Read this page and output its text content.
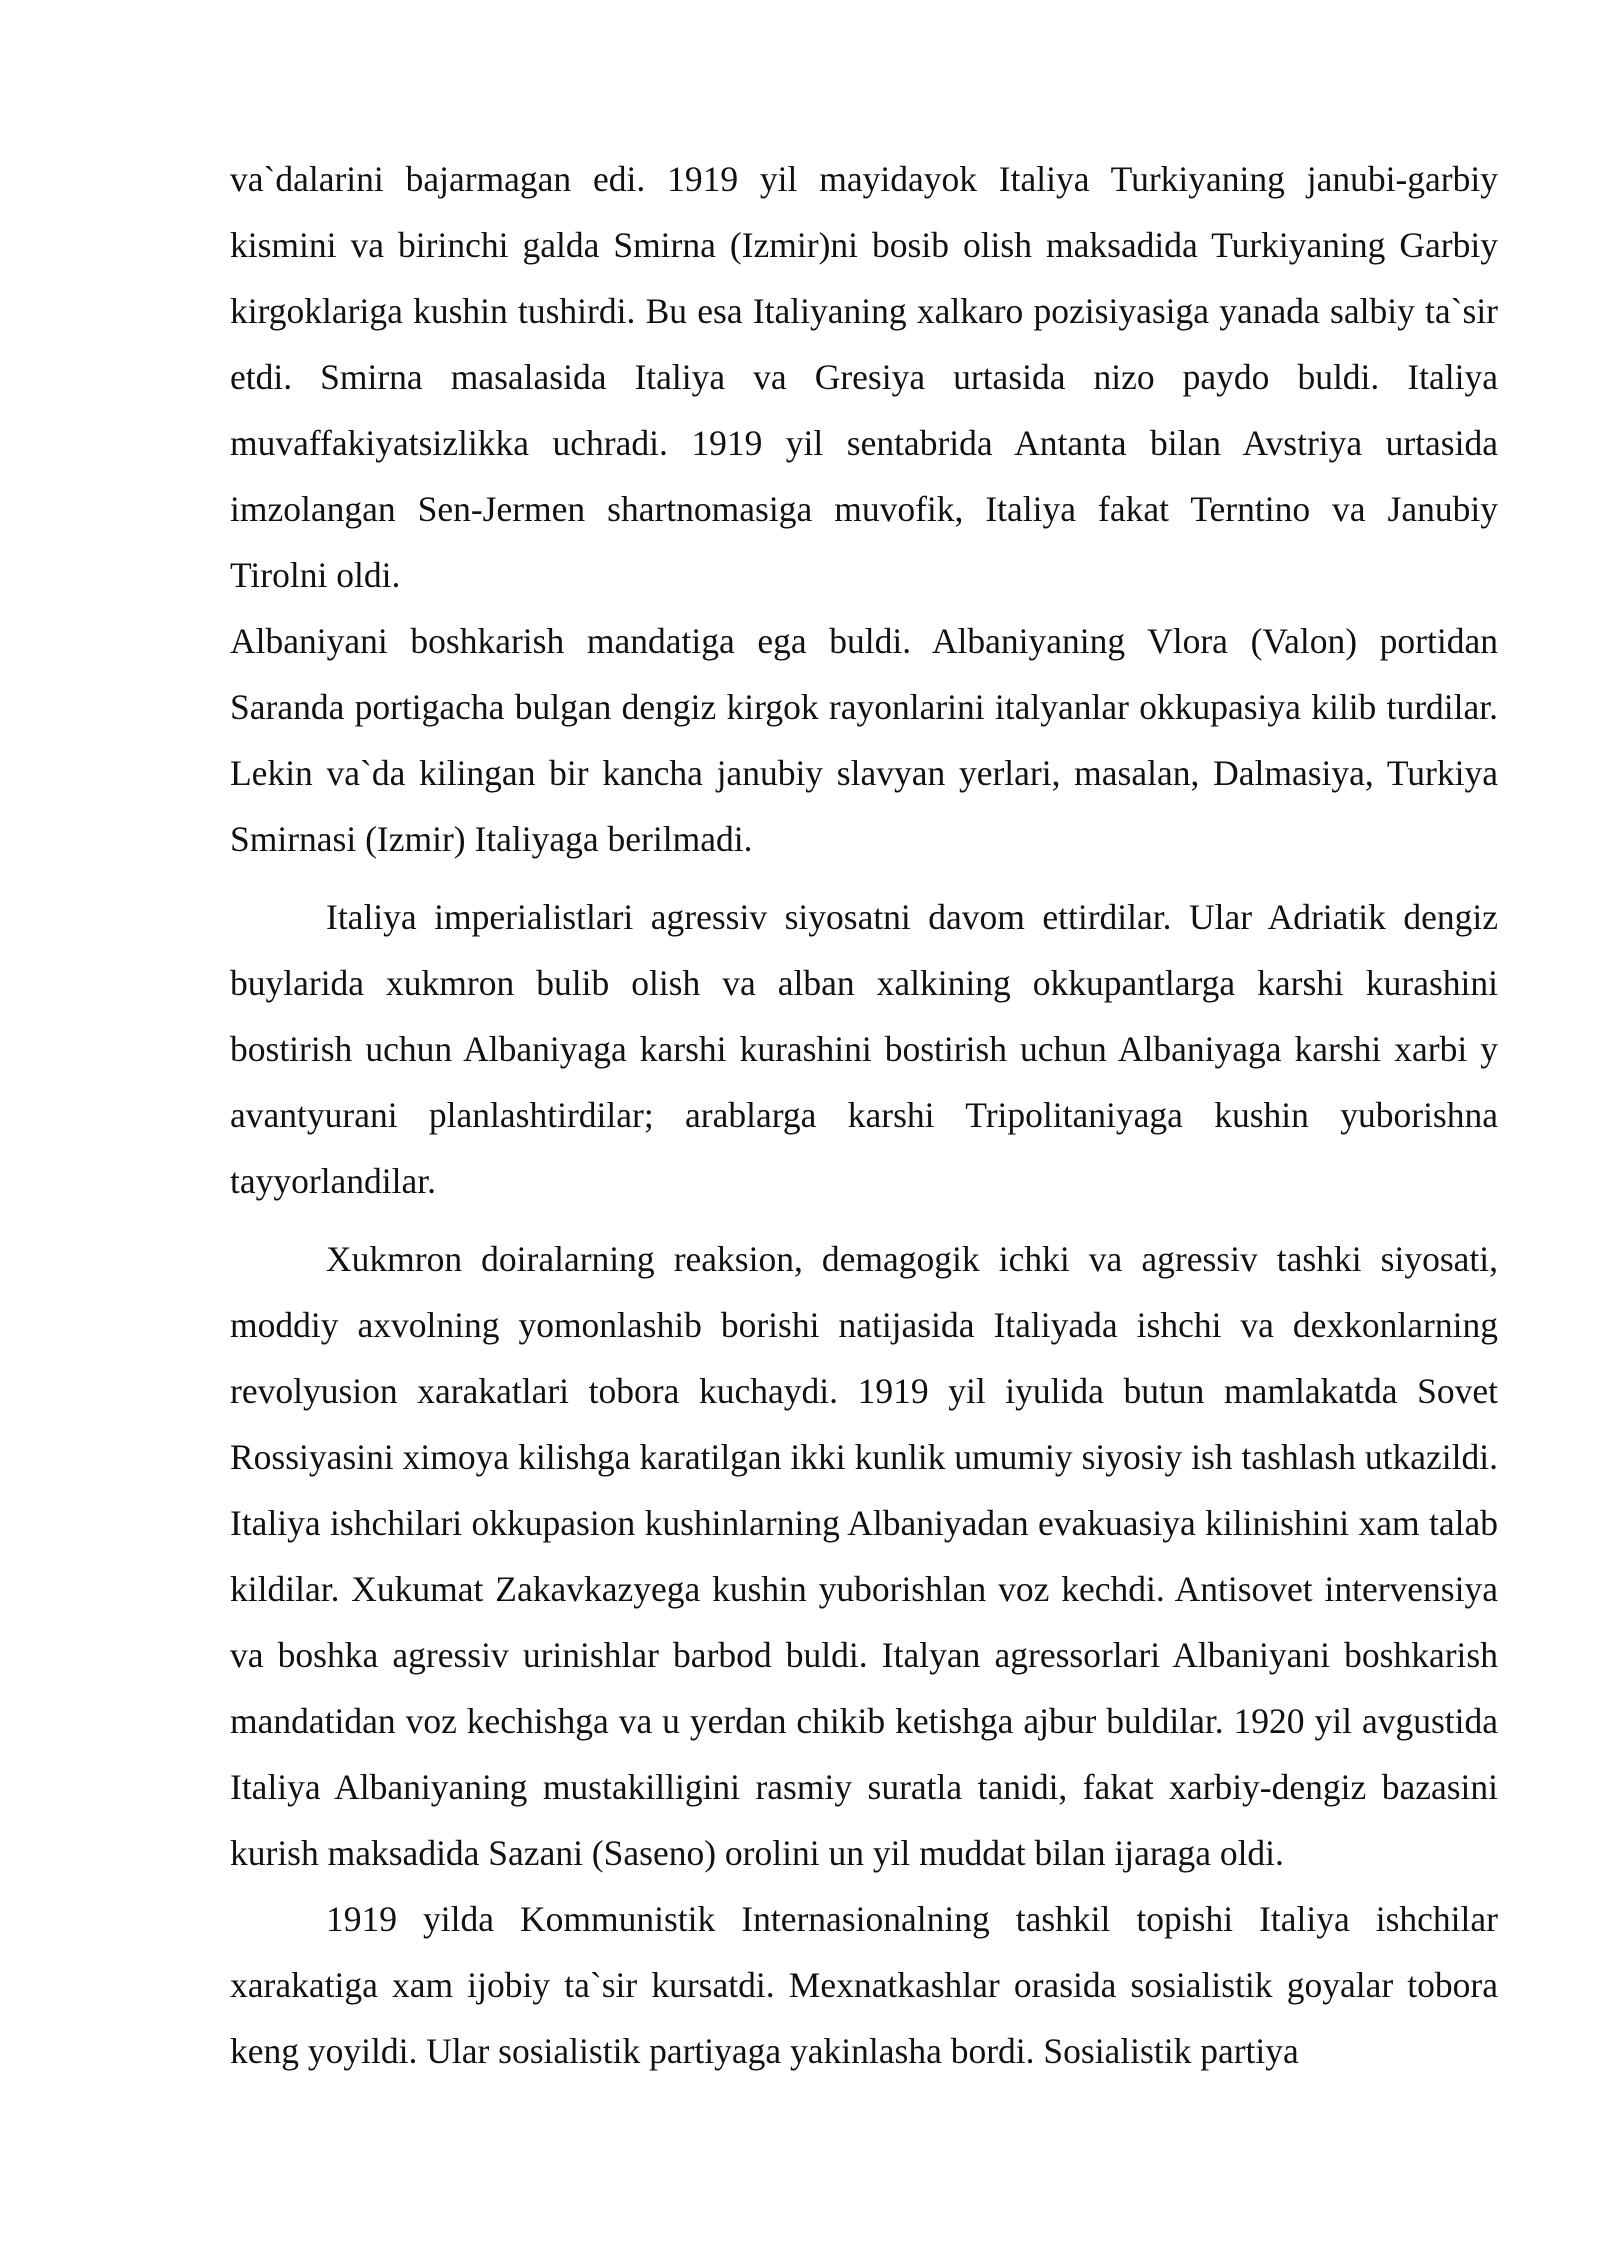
va`dalarini bajarmagan edi. 1919 yil mayidayok Italiya Turkiyaning janubi-garbiy kismini va birinchi galda Smirna (Izmir)ni bosib olish maksadida Turkiyaning Garbiy kirgoklariga kushin tushirdi. Bu esa Italiyaning xalkaro pozisiyasiga yanada salbiy ta`sir etdi. Smirna masalasida Italiya va Gresiya urtasida nizo paydo buldi. Italiya muvaffakiyatsizlikka uchradi. 1919 yil sentabrida Antanta bilan Avstriya urtasida imzolangan Sen-Jermen shartnomasiga muvofik, Italiya fakat Terntino va Janubiy Tirolni oldi.

Albaniyani boshkarish mandatiga ega buldi. Albaniyaning Vlora (Valon) portidan Saranda portigacha bulgan dengiz kirgok rayonlarini italyanlar okkupasiya kilib turdilar. Lekin va`da kilingan bir kancha janubiy slavyan yerlari, masalan, Dalmasiya, Turkiya Smirnasi (Izmir) Italiyaga berilmadi.

Italiya imperialistlari agressiv siyosatni davom ettirdilar. Ular Adriatik dengiz buylarida xukmron bulib olish va alban xalkining okkupantlarga karshi kurashini bostirish uchun Albaniyaga karshi kurashini bostirish uchun Albaniyaga karshi xarbi y avantyurani planlashtirdilar; arablarga karshi Tripolitaniyaga kushin yuborishna tayyorlandilar.

Xukmron doiralarning reaksion, demagogik ichki va agressiv tashki siyosati, moddiy axvolning yomonlashib borishi natijasida Italiyada ishchi va dexkonlarning revolyusion xarakatlari tobora kuchaydi. 1919 yil iyulida butun mamlakatda Sovet Rossiyasini ximoya kilishga karatilgan ikki kunlik umumiy siyosiy ish tashlash utkazildi. Italiya ishchilari okkupasion kushinlarning Albaniyadan evakuasiya kilinishini xam talab kildilar. Xukumat Zakavkazyega kushin yuborishlan voz kechdi. Antisovet intervensiya va boshka agressiv urinishlar barbod buldi. Italyan agressorlari Albaniyani boshkarish mandatidan voz kechishga va u yerdan chikib ketishga ajbur buldilar. 1920 yil avgustida Italiya Albaniyaning mustakilligini rasmiy suratla tanidi, fakat xarbiy-dengiz bazasini kurish maksadida Sazani (Saseno) orolini un yil muddat bilan ijaraga oldi.

1919 yilda Kommunistik Internasionalning tashkil topishi Italiya ishchilar xarakatiga xam ijobiy ta`sir kursatdi. Mexnatkashlar orasida sosialistik goyalar tobora keng yoyildi. Ular sosialistik partiyaga yakinlasha bordi. Sosialistik partiya
